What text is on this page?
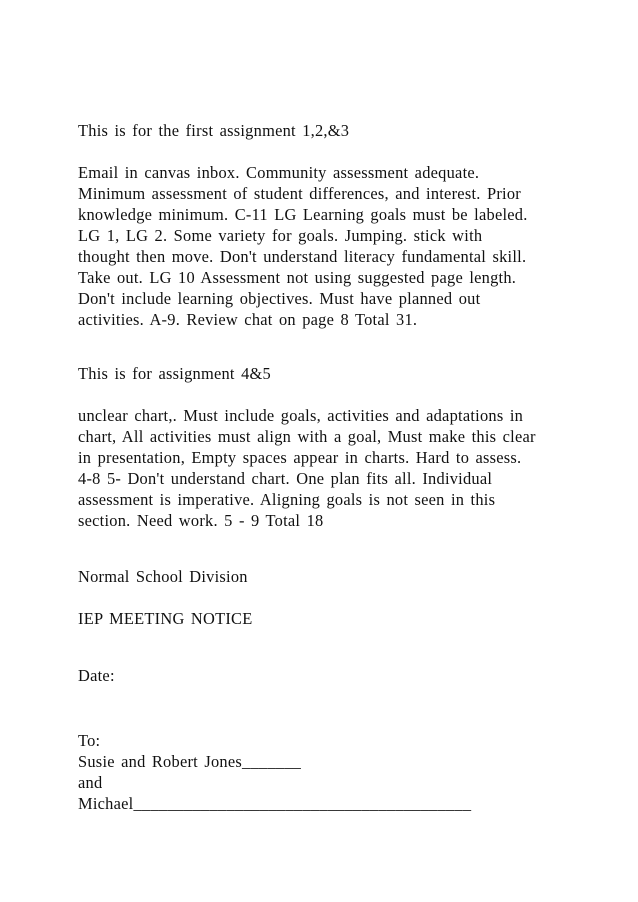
This is for the first assignment 1,2,&3

Email in canvas inbox. Community assessment adequate.

Minimum assessment of student differences, and interest. Prior

knowledge minimum. C-11 LG Learning goals must be labeled.

LG 1, LG 2. Some variety for goals. Jumping. stick with

thought then move. Don't understand literacy fundamental skill.

Take out. LG 10 Assessment not using suggested page length.

Don't include learning objectives. Must have planned out

activities. A-9. Review chat on page 8 Total 31.

This is for assignment 4&5

unclear chart,. Must include goals, activities and adaptations in

chart, All activities must align with a goal, Must make this clear

in presentation, Empty spaces appear in charts. Hard to assess.

4-8 5- Don't understand chart. One plan fits all. Individual

assessment is imperative. Aligning goals is not seen in this

section. Need work. 5 - 9 Total 18

Normal School Division

IEP MEETING NOTICE

Date:

To:

Susie and Robert Jones_______

and

Michael________________________________________
